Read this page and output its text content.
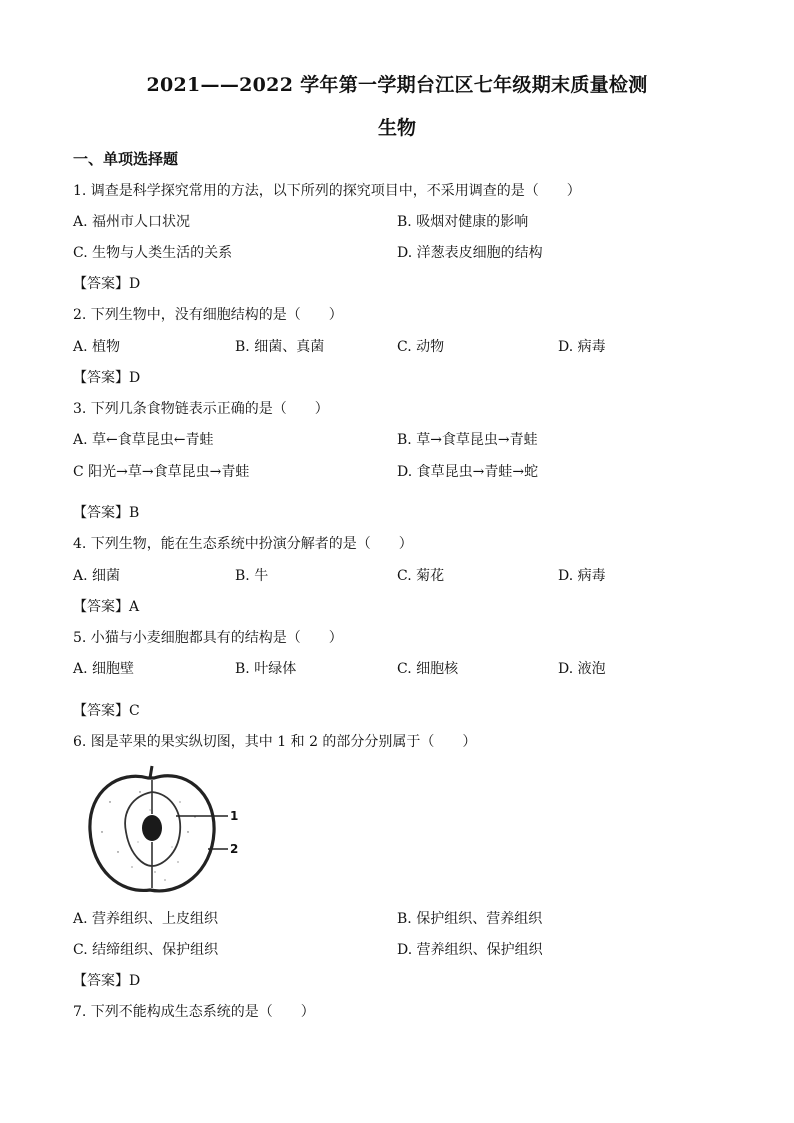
2021——2022 学年第一学期台江区七年级期末质量检测
生物
一、单项选择题
1. 调查是科学探究常用的方法，以下所列的探究项目中，不采用调查的是（　　）
A. 福州市人口状况	B. 吸烟对健康的影响
C. 生物与人类生活的关系	D. 洋葱表皮细胞的结构
【答案】D
2. 下列生物中，没有细胞结构的是（　　）
A. 植物	B. 细菌、真菌	C. 动物	D. 病毒
【答案】D
3. 下列几条食物链表示正确的是（　　）
A. 草←食草昆虫←青蛙	B. 草→食草昆虫→青蛙
C 阳光→草→食草昆虫→青蛙	D. 食草昆虫→青蛙→蛇
【答案】B
4. 下列生物，能在生态系统中扮演分解者的是（　　）
A. 细菌	B. 牛	C. 菊花	D. 病毒
【答案】A
5. 小猫与小麦细胞都具有的结构是（　　）
A. 细胞壁	B. 叶绿体	C. 细胞核	D. 液泡
【答案】C
6. 图是苹果的果实纵切图，其中 1 和 2 的部分分别属于（　　）
1
2
A. 营养组织、上皮组织	B. 保护组织、营养组织
C. 结缔组织、保护组织	D. 营养组织、保护组织
【答案】D
7. 下列不能构成生态系统的是（　　）
